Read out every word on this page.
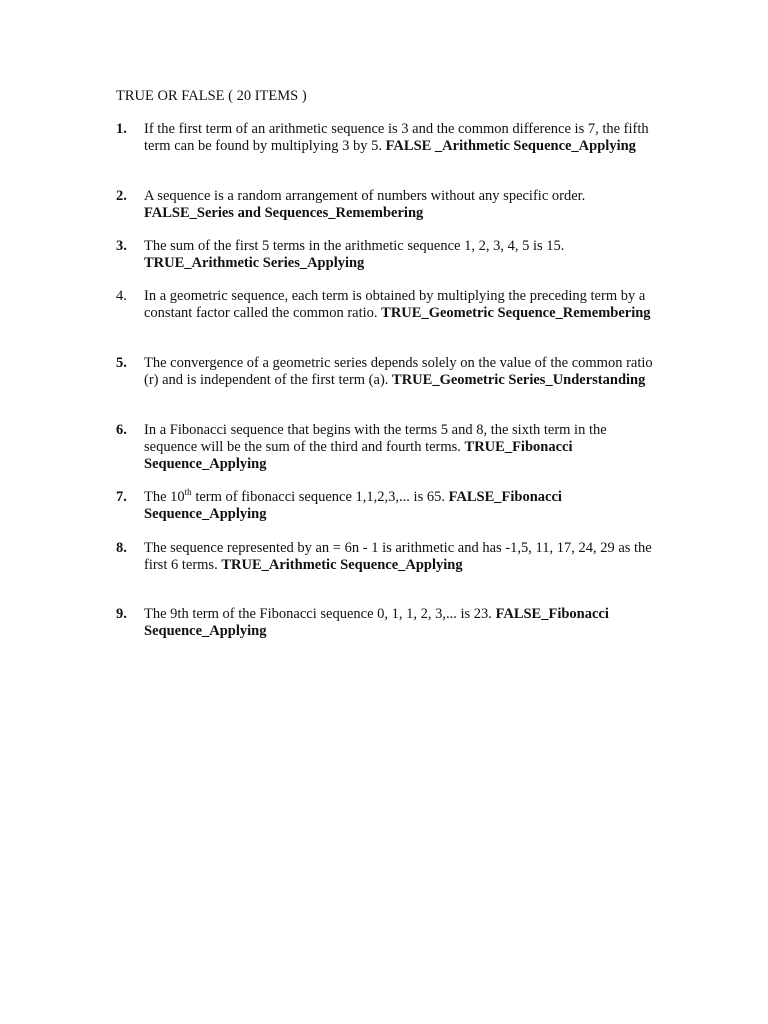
TRUE OR FALSE ( 20 ITEMS )
1.	If the first term of an arithmetic sequence is 3 and the common difference is 7, the fifth term can be found by multiplying 3 by 5. FALSE _Arithmetic Sequence_Applying
2.	A sequence is a random arrangement of numbers without any specific order. FALSE_Series and Sequences_Remembering
3.	The sum of the first 5 terms in the arithmetic sequence 1, 2, 3, 4, 5 is 15. TRUE_Arithmetic Series_Applying
4.	In a geometric sequence, each term is obtained by multiplying the preceding term by a constant factor called the common ratio. TRUE_Geometric Sequence_Remembering
5.	The convergence of a geometric series depends solely on the value of the common ratio (r) and is independent of the first term (a). TRUE_Geometric Series_Understanding
6.	In a Fibonacci sequence that begins with the terms 5 and 8, the sixth term in the sequence will be the sum of the third and fourth terms. TRUE_Fibonacci Sequence_Applying
7.	The 10th term of fibonacci sequence 1,1,2,3,... is 65. FALSE_Fibonacci Sequence_Applying
8.	The sequence represented by an = 6n - 1 is arithmetic and has -1,5, 11, 17, 24, 29 as the first 6 terms. TRUE_Arithmetic Sequence_Applying
9.	The 9th term of the Fibonacci sequence 0, 1, 1, 2, 3,... is 23. FALSE_Fibonacci Sequence_Applying
